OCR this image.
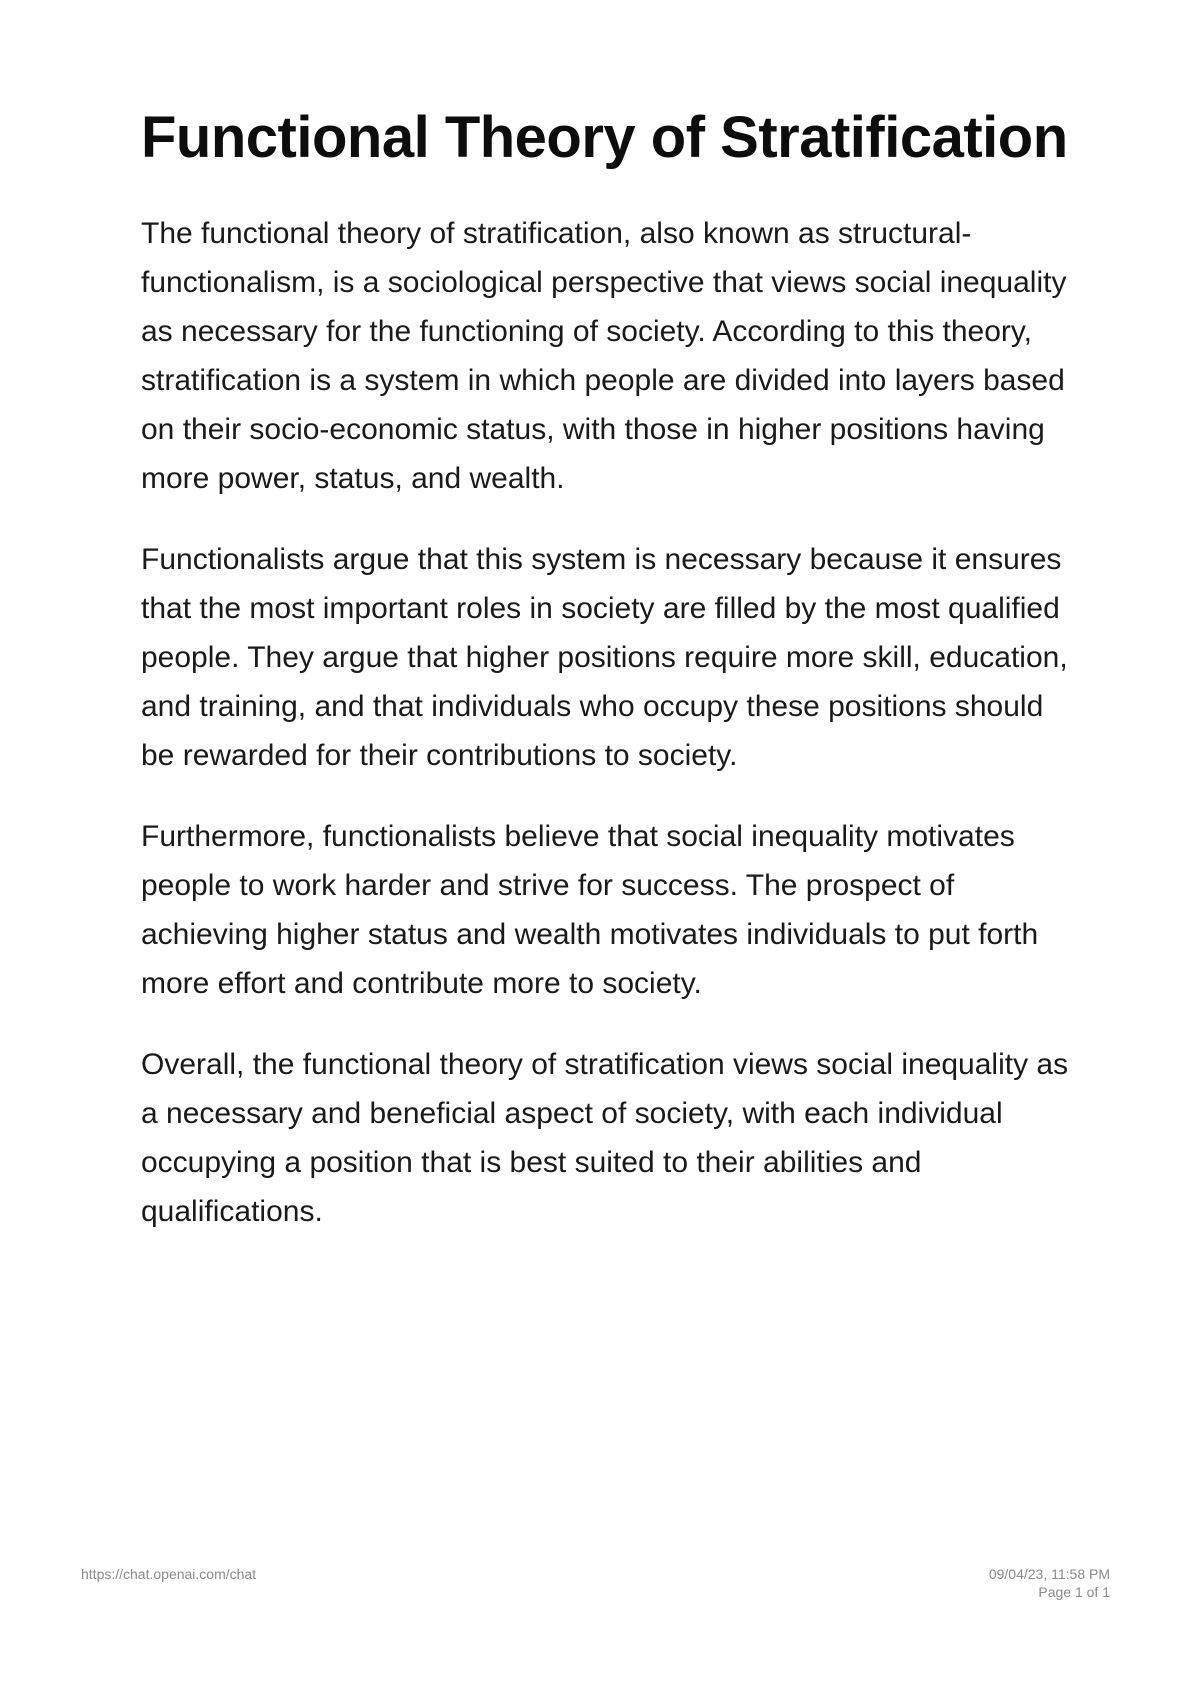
Functional Theory of Stratification

The functional theory of stratification, also known as structural-functionalism, is a sociological perspective that views social inequality as necessary for the functioning of society. According to this theory, stratification is a system in which people are divided into layers based on their socio-economic status, with those in higher positions having more power, status, and wealth.

Functionalists argue that this system is necessary because it ensures that the most important roles in society are filled by the most qualified people. They argue that higher positions require more skill, education, and training, and that individuals who occupy these positions should be rewarded for their contributions to society.

Furthermore, functionalists believe that social inequality motivates people to work harder and strive for success. The prospect of achieving higher status and wealth motivates individuals to put forth more effort and contribute more to society.

Overall, the functional theory of stratification views social inequality as a necessary and beneficial aspect of society, with each individual occupying a position that is best suited to their abilities and qualifications.

https://chat.openai.com/chat	09/04/23, 11:58 PM
Page 1 of 1
